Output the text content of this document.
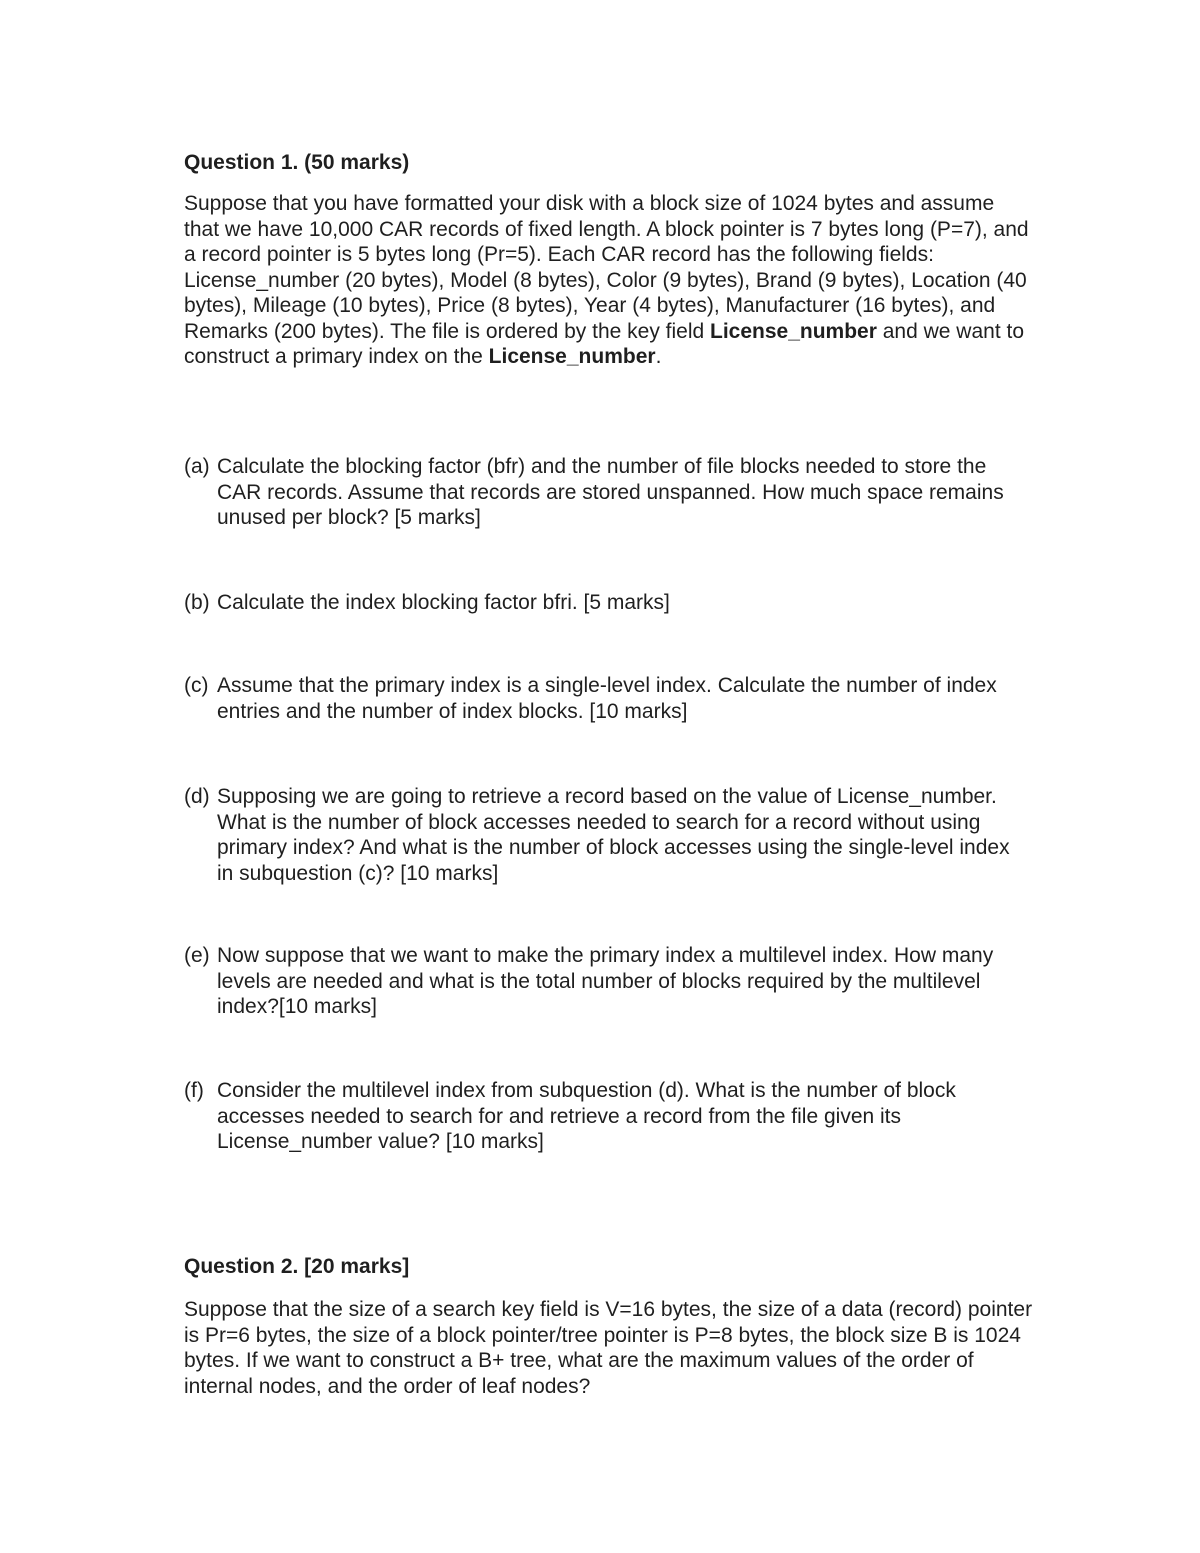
Question 1. (50 marks)

Suppose that you have formatted your disk with a block size of 1024 bytes and assume that we have 10,000 CAR records of fixed length. A block pointer is 7 bytes long (P=7), and a record pointer is 5 bytes long (Pr=5). Each CAR record has the following fields: License_number (20 bytes), Model (8 bytes), Color (9 bytes), Brand (9 bytes), Location (40 bytes), Mileage (10 bytes), Price (8 bytes), Year (4 bytes), Manufacturer (16 bytes), and Remarks (200 bytes). The file is ordered by the key field License_number and we want to construct a primary index on the License_number.

(a) Calculate the blocking factor (bfr) and the number of file blocks needed to store the CAR records. Assume that records are stored unspanned. How much space remains unused per block? [5 marks]
(b) Calculate the index blocking factor bfri. [5 marks]
(c) Assume that the primary index is a single-level index. Calculate the number of index entries and the number of index blocks. [10 marks]
(d) Supposing we are going to retrieve a record based on the value of License_number. What is the number of block accesses needed to search for a record without using primary index? And what is the number of block accesses using the single-level index in subquestion (c)? [10 marks]
(e) Now suppose that we want to make the primary index a multilevel index. How many levels are needed and what is the total number of blocks required by the multilevel index?[10 marks]
(f) Consider the multilevel index from subquestion (d). What is the number of block accesses needed to search for and retrieve a record from the file given its License_number value? [10 marks]
Question 2. [20 marks]

Suppose that the size of a search key field is V=16 bytes, the size of a data (record) pointer is Pr=6 bytes, the size of a block pointer/tree pointer is P=8 bytes, the block size B is 1024 bytes. If we want to construct a B+ tree, what are the maximum values of the order of internal nodes, and the order of leaf nodes?
